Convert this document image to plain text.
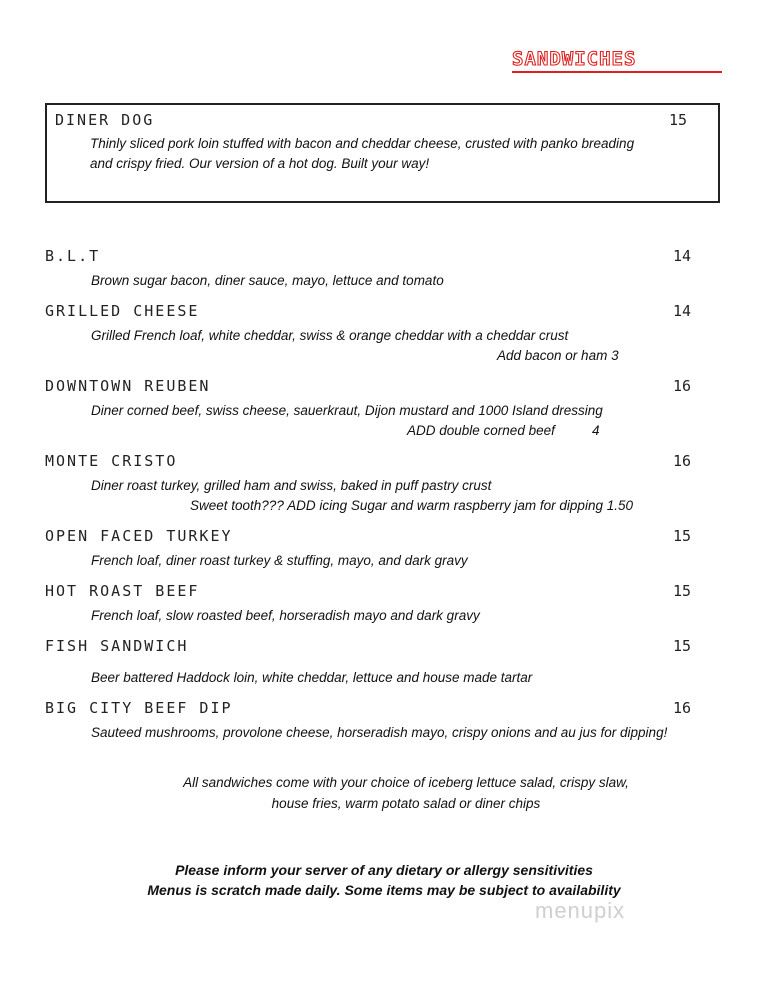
SANDWICHES
DINER DOG	15
Thinly sliced pork loin stuffed with bacon and cheddar cheese, crusted with panko breading
and crispy fried. Our version of a hot dog. Built your way!
B.L.T	14
Brown sugar bacon, diner sauce, mayo, lettuce and tomato
GRILLED CHEESE	14
Grilled French loaf, white cheddar, swiss & orange cheddar with a cheddar crust
Add bacon or ham 3
DOWNTOWN REUBEN	16
Diner corned beef, swiss cheese, sauerkraut, Dijon mustard and 1000 Island dressing
ADD double corned beef	4
MONTE CRISTO	16
Diner roast turkey, grilled ham and swiss, baked in puff pastry crust
Sweet tooth??? ADD icing Sugar and warm raspberry jam for dipping 1.50
OPEN FACED TURKEY	15
French loaf, diner roast turkey & stuffing, mayo, and dark gravy
HOT ROAST BEEF	15
French loaf, slow roasted beef, horseradish mayo and dark gravy
FISH SANDWICH	15
Beer battered Haddock loin, white cheddar, lettuce and house made tartar
BIG CITY BEEF DIP	16
Sauteed mushrooms, provolone cheese, horseradish mayo, crispy onions and au jus for dipping!
All sandwiches come with your choice of iceberg lettuce salad, crispy slaw,
house fries, warm potato salad or diner chips
Please inform your server of any dietary or allergy sensitivities
Menus is scratch made daily. Some items may be subject to availability
menupix
